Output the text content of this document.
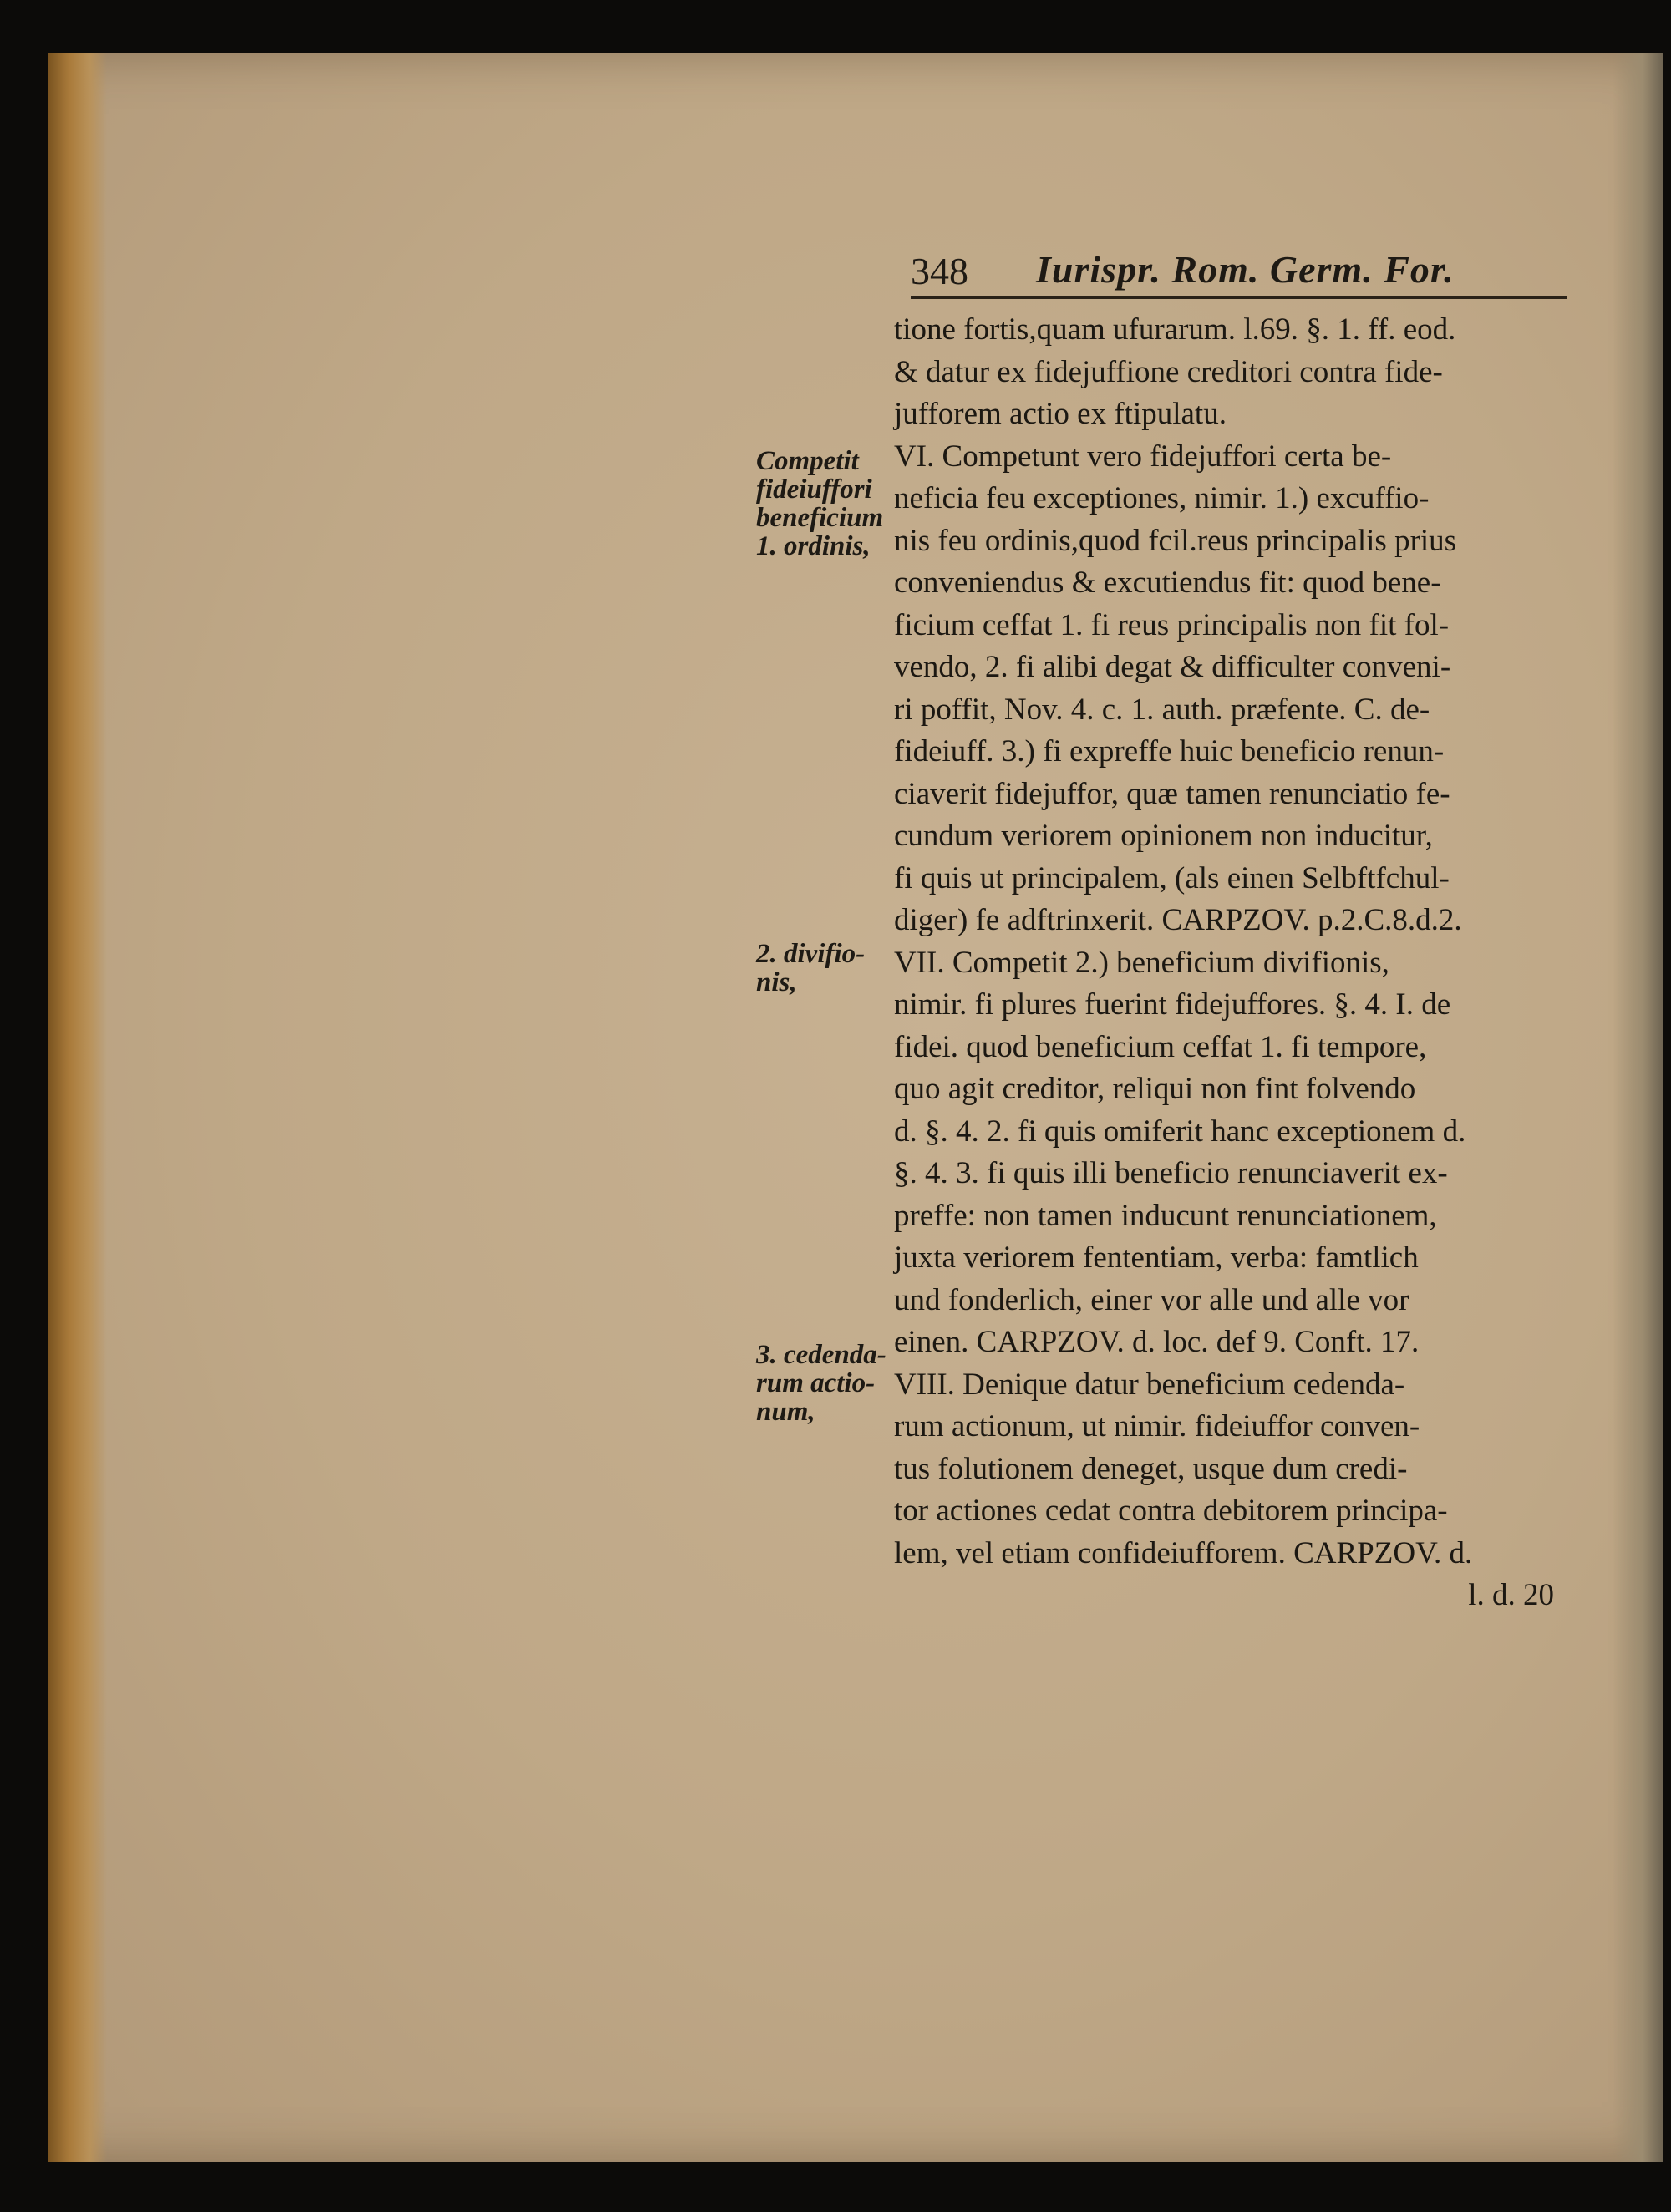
348 Iurispr. Rom. Germ. For.
tione fortis,quam ufurarum. l.69. §. 1. ff. eod.
& datur ex fidejuffione creditori contra fide-
jufforem actio ex ftipulatu.
VI. Competunt vero fidejuffori certa be-
neficia feu exceptiones, nimir. 1.) excuffio-
nis feu ordinis,quod fcil.reus principalis prius
conveniendus & excutiendus fit: quod bene-
ficium ceffat 1. fi reus principalis non fit fol-
vendo, 2. fi alibi degat & difficulter conveni-
ri poffit, Nov. 4. c. 1. auth. præfente. C. de-
fideiuff. 3.) fi expreffe huic beneficio renun-
ciaverit fidejuffor, quæ tamen renunciatio fe-
cundum veriorem opinionem non inducitur,
fi quis ut principalem, (als einen Selbftfchul-
diger) fe adftrinxerit. CARPZOV. p.2.C.8.d.2.
VII. Competit 2.) beneficium divifionis,
nimir. fi plures fuerint fidejuffores. §. 4. I. de
fidei. quod beneficium ceffat 1. fi tempore,
quo agit creditor, reliqui non fint folvendo
d. §. 4. 2. fi quis omiferit hanc exceptionem d.
§. 4. 3. fi quis illi beneficio renunciaverit ex-
preffe: non tamen inducunt renunciationem,
juxta veriorem fententiam, verba: famtlich
und fonderlich, einer vor alle und alle vor
einen. CARPZOV. d. loc. def 9. Conft. 17.
VIII. Denique datur beneficium cedenda-
rum actionum, ut nimir. fideiuffor conven-
tus folutionem deneget, usque dum credi-
tor actiones cedat contra debitorem principa-
lem, vel etiam confideiufforem. CARPZOV. d.
l. d. 20
Competit
fideiuffori
beneficium
1. ordinis,
2. divifio-
nis,
3. cedenda-
rum actio-
num,
